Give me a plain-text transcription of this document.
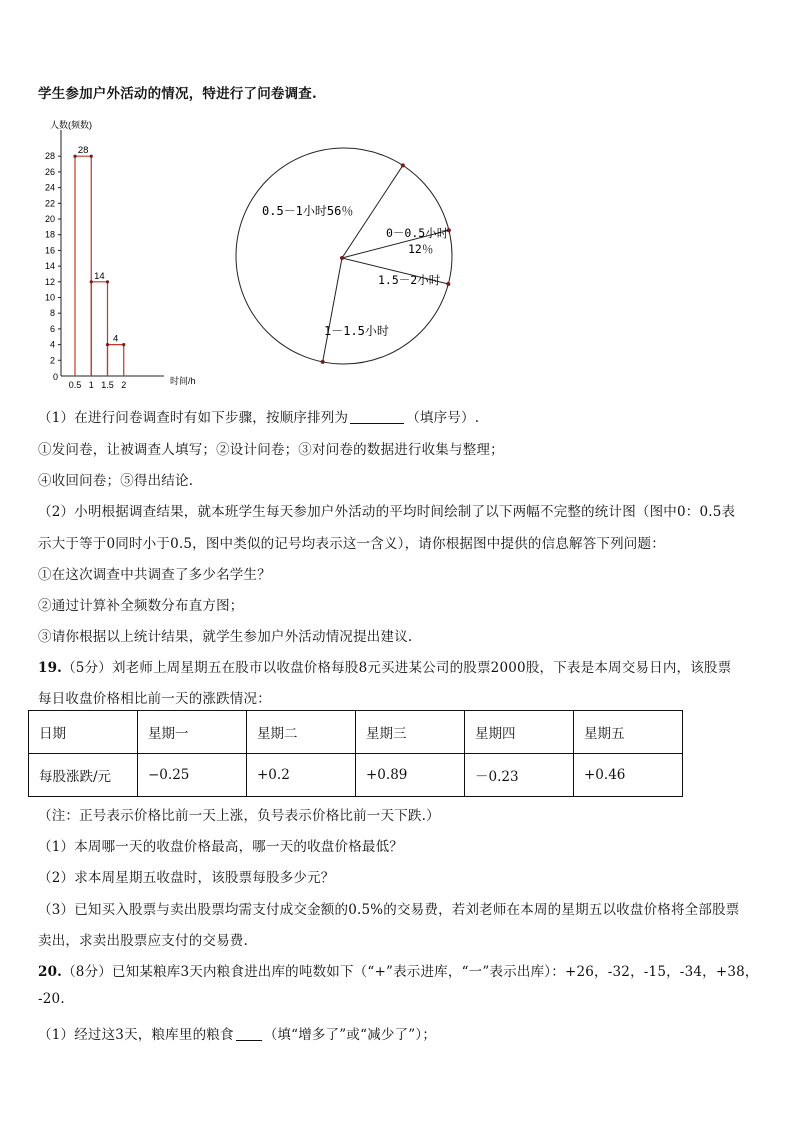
学生参加户外活动的情况，特进行了问卷调查.
人数(频数)
时间/h
0
2
4
6
8
10
12
14
16
18
20
22
24
26
28
0.5 1 1.5 2
28
14
4
0.5－1小时56％
0－0.5小时
12％
1.5－2小时
1－1.5小时
（1）在进行问卷调查时有如下步骤，按顺序排列为	（填序号）.
①发问卷，让被调查人填写；②设计问卷；③对问卷的数据进行收集与整理；
④收回问卷；⑤得出结论.
（2）小明根据调查结果，就本班学生每天参加户外活动的平均时间绘制了以下两幅不完整的统计图（图中0：0.5表
示大于等于0同时小于0.5，图中类似的记号均表示这一含义），请你根据图中提供的信息解答下列问题：
①在这次调查中共调查了多少名学生？
②通过计算补全频数分布直方图；
③请你根据以上统计结果，就学生参加户外活动情况提出建议.
19.（5分）刘老师上周星期五在股市以收盘价格每股8元买进某公司的股票2000股，下表是本周交易日内，该股票
每日收盘价格相比前一天的涨跌情况：
日期	星期一	星期二	星期三	星期四	星期五
每股涨跌/元	−0.25	+0.2	+0.89	－0.23	+0.46
（注：正号表示价格比前一天上涨，负号表示价格比前一天下跌.）
（1）本周哪一天的收盘价格最高，哪一天的收盘价格最低？
（2）求本周星期五收盘时，该股票每股多少元？
（3）已知买入股票与卖出股票均需支付成交金额的0.5%的交易费，若刘老师在本周的星期五以收盘价格将全部股票
卖出，求卖出股票应支付的交易费.
20.（8分）已知某粮库3天内粮食进出库的吨数如下（“+”表示进库，“一”表示出库）：+26，-32，-15，-34，+38，
-20.
（1）经过这3天，粮库里的粮食 （填“增多了”或“减少了”）；
